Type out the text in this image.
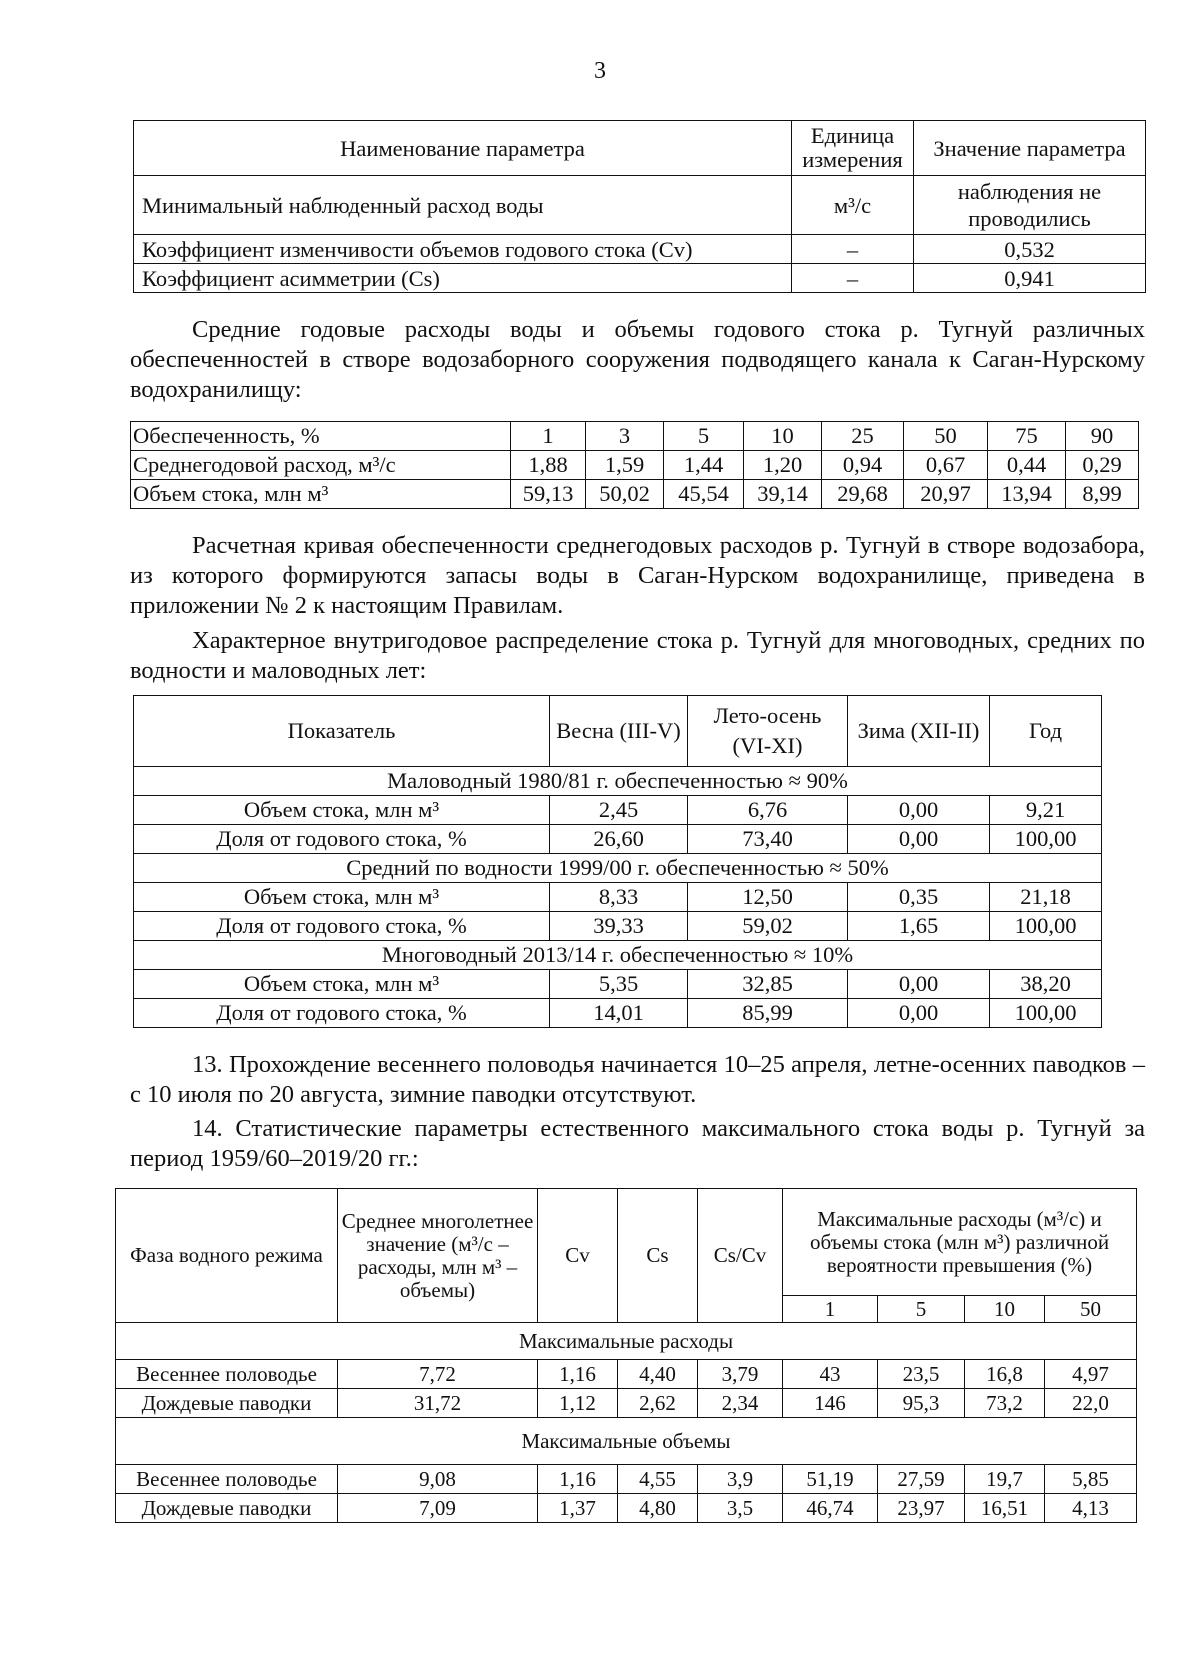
3
Наименование параметра	Единица измерения	Значение параметра
Минимальный наблюденный расход воды	м³/с	наблюдения не проводились
Коэффициент изменчивости объемов годового стока (Cv)	–	0,532
Коэффициент асимметрии (Cs)	–	0,941

Средние годовые расходы воды и объемы годового стока р. Тугнуй различных обеспеченностей в створе водозаборного сооружения подводящего канала к Саган-Нурскому водохранилищу:

Обеспеченность, %	1	3	5	10	25	50	75	90
Среднегодовой расход, м³/с	1,88	1,59	1,44	1,20	0,94	0,67	0,44	0,29
Объем стока, млн м³	59,13	50,02	45,54	39,14	29,68	20,97	13,94	8,99

Расчетная кривая обеспеченности среднегодовых расходов р. Тугнуй в створе водозабора, из которого формируются запасы воды в Саган-Нурском водохранилище, приведена в приложении № 2 к настоящим Правилам.

Характерное внутригодовое распределение стока р. Тугнуй для многоводных, средних по водности и маловодных лет:

Показатель	Весна (III-V)	Лето-осень (VI-XI)	Зима (XII-II)	Год
Маловодный 1980/81 г. обеспеченностью ≈ 90%				
Объем стока, млн м³	2,45	6,76	0,00	9,21
Доля от годового стока, %	26,60	73,40	0,00	100,00
Средний по водности 1999/00 г. обеспеченностью ≈ 50%				
Объем стока, млн м³	8,33	12,50	0,35	21,18
Доля от годового стока, %	39,33	59,02	1,65	100,00
Многоводный 2013/14 г. обеспеченностью ≈ 10%				
Объем стока, млн м³	5,35	32,85	0,00	38,20
Доля от годового стока, %	14,01	85,99	0,00	100,00

13. Прохождение весеннего половодья начинается 10–25 апреля, летне-осенних паводков – с 10 июля по 20 августа, зимние паводки отсутствуют.

14. Статистические параметры естественного максимального стока воды р. Тугнуй за период 1959/60–2019/20 гг.:

Фаза водного режима	Среднее многолетнее значение (м³/с – расходы, млн м³ – объемы)	Cv	Cs	Cs/Cv	Максимальные расходы (м³/с) и объемы стока (млн м³) различной вероятности превышения (%)			
					1	5	10	50
Максимальные расходы								
Весеннее половодье	7,72	1,16	4,40	3,79	43	23,5	16,8	4,97
Дождевые паводки	31,72	1,12	2,62	2,34	146	95,3	73,2	22,0
Максимальные объемы								
Весеннее половодье	9,08	1,16	4,55	3,9	51,19	27,59	19,7	5,85
Дождевые паводки	7,09	1,37	4,80	3,5	46,74	23,97	16,51	4,13
